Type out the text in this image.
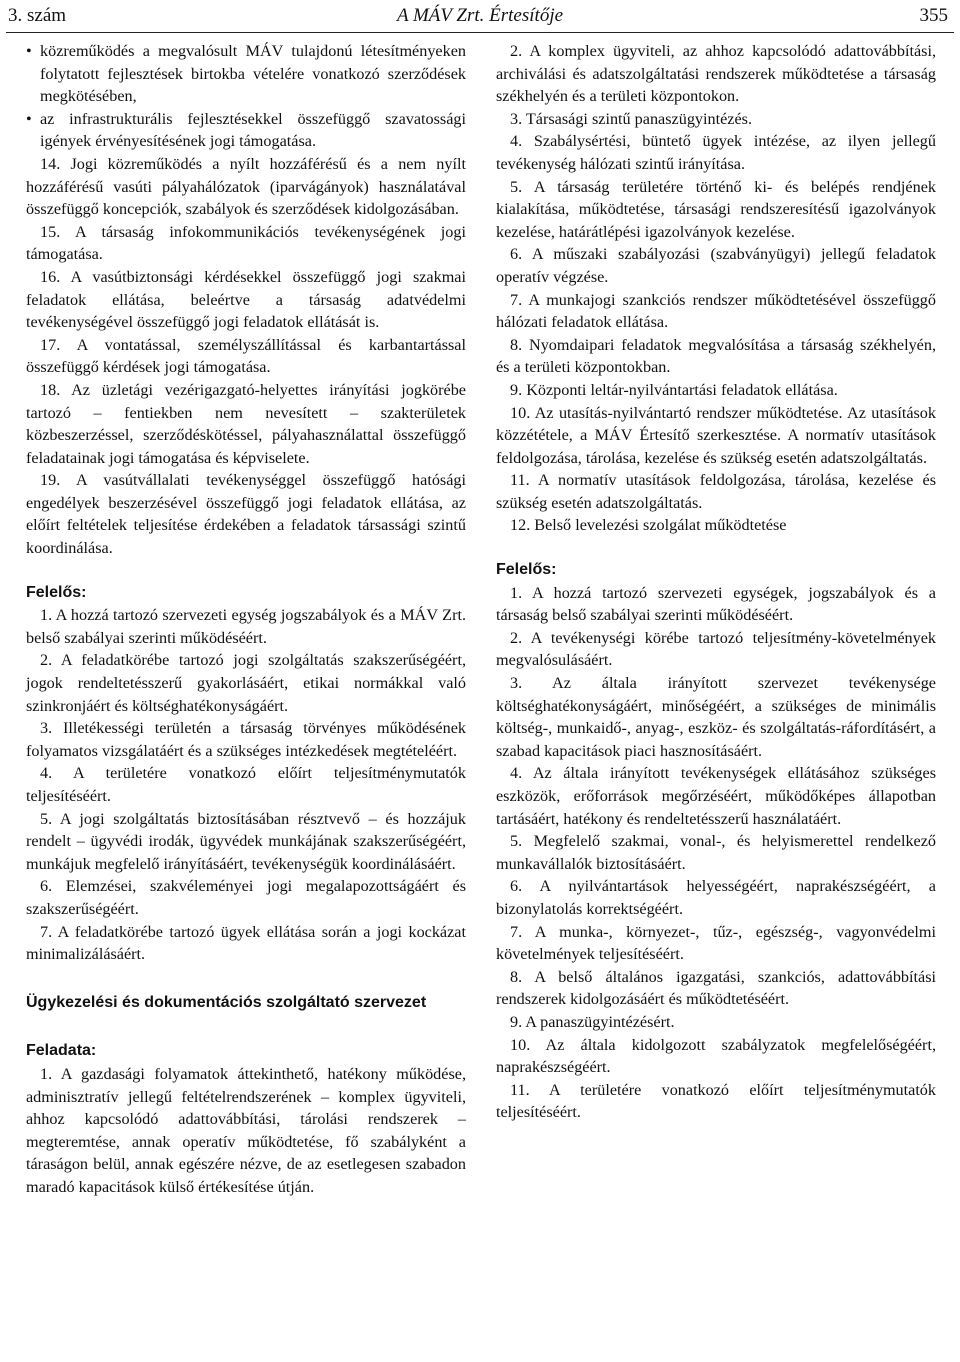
3. szám	A MÁV Zrt. Értesítője	355

• közreműködés a megvalósult MÁV tulajdonú létesítményeken folytatott fejlesztések birtokba vételére vonatkozó szerződések megkötésében,

• az infrastrukturális fejlesztésekkel összefüggő szavatossági igények érvényesítésének jogi támogatása.

14. Jogi közreműködés a nyílt hozzáférésű és a nem nyílt hozzáférésű vasúti pályahálózatok (iparvágányok) használatával összefüggő koncepciók, szabályok és szerződések kidolgozásában.

15. A társaság infokommunikációs tevékenységének jogi támogatása.

16. A vasútbiztonsági kérdésekkel összefüggő jogi szakmai feladatok ellátása, beleértve a társaság adatvédelmi tevékenységével összefüggő jogi feladatok ellátását is.

17. A vontatással, személyszállítással és karbantartással összefüggő kérdések jogi támogatása.

18. Az üzletági vezérigazgató-helyettes irányítási jogkörébe tartozó – fentiekben nem nevesített – szakterületek közbeszerzéssel, szerződéskötéssel, pályahasználattal összefüggő feladatainak jogi támogatása és képviselete.

19. A vasútvállalati tevékenységgel összefüggő hatósági engedélyek beszerzésével összefüggő jogi feladatok ellátása, az előírt feltételek teljesítése érdekében a feladatok társassági szintű koordinálása.

Felelős:

1. A hozzá tartozó szervezeti egység jogszabályok és a MÁV Zrt. belső szabályai szerinti működéséért.

2. A feladatkörébe tartozó jogi szolgáltatás szakszerűségéért, jogok rendeltetésszerű gyakorlásáért, etikai normákkal való szinkronjáért és költséghatékonyságáért.

3. Illetékességi területén a társaság törvényes működésének folyamatos vizsgálatáért és a szükséges intézkedések megtételéért.

4. A területére vonatkozó előírt teljesítménymutatók teljesítéséért.

5. A jogi szolgáltatás biztosításában résztvevő – és hozzájuk rendelt – ügyvédi irodák, ügyvédek munkájának szakszerűségéért, munkájuk megfelelő irányításáért, tevékenységük koordinálásáért.

6. Elemzései, szakvéleményei jogi megalapozottságáért és szakszerűségéért.

7. A feladatkörébe tartozó ügyek ellátása során a jogi kockázat minimalizálásáért.

Ügykezelési és dokumentációs szolgáltató szervezet

Feladata:

1. A gazdasági folyamatok áttekinthető, hatékony működése, adminisztratív jellegű feltételrendszerének – komplex ügyviteli, ahhoz kapcsolódó adattovábbítási, tárolási rendszerek – megteremtése, annak operatív működtetése, fő szabályként a táraságon belül, annak egészére nézve, de az esetlegesen szabadon maradó kapacitások külső értékesítése útján.

2. A komplex ügyviteli, az ahhoz kapcsolódó adattovábbítási, archiválási és adatszolgáltatási rendszerek működtetése a társaság székhelyén és a területi központokon.

3. Társasági szintű panaszügyintézés.

4. Szabálysértési, büntető ügyek intézése, az ilyen jellegű tevékenység hálózati szintű irányítása.

5. A társaság területére történő ki- és belépés rendjének kialakítása, működtetése, társasági rendszeresítésű igazolványok kezelése, határátlépési igazolványok kezelése.

6. A műszaki szabályozási (szabványügyi) jellegű feladatok operatív végzése.

7. A munkajogi szankciós rendszer működtetésével összefüggő hálózati feladatok ellátása.

8. Nyomdaipari feladatok megvalósítása a társaság székhelyén, és a területi központokban.

9. Központi leltár-nyilvántartási feladatok ellátása.

10. Az utasítás-nyilvántartó rendszer működtetése. Az utasítások közzététele, a MÁV Értesítő szerkesztése. A normatív utasítások feldolgozása, tárolása, kezelése és szükség esetén adatszolgáltatás.

11. A normatív utasítások feldolgozása, tárolása, kezelése és szükség esetén adatszolgáltatás.

12. Belső levelezési szolgálat működtetése

Felelős:

1. A hozzá tartozó szervezeti egységek, jogszabályok és a társaság belső szabályai szerinti működéséért.

2. A tevékenységi körébe tartozó teljesítmény-követelmények megvalósulásáért.

3. Az általa irányított szervezet tevékenysége költséghatékonyságáért, minőségéért, a szükséges de minimális költség-, munkaidő-, anyag-, eszköz- és szolgáltatás-ráfordításért, a szabad kapacitások piaci hasznosításáért.

4. Az általa irányított tevékenységek ellátásához szükséges eszközök, erőforrások megőrzéséért, működőképes állapotban tartásáért, hatékony és rendeltetésszerű használatáért.

5. Megfelelő szakmai, vonal-, és helyismerettel rendelkező munkavállalók biztosításáért.

6. A nyilvántartások helyességéért, naprakészségéért, a bizonylatolás korrektségéért.

7. A munka-, környezet-, tűz-, egészség-, vagyonvédelmi követelmények teljesítéséért.

8. A belső általános igazgatási, szankciós, adattovábbítási rendszerek kidolgozásáért és működtetéséért.

9. A panaszügyintézésért.

10. Az általa kidolgozott szabályzatok megfelelőségéért, naprakészségéért.

11. A területére vonatkozó előírt teljesítménymutatók teljesítéséért.
